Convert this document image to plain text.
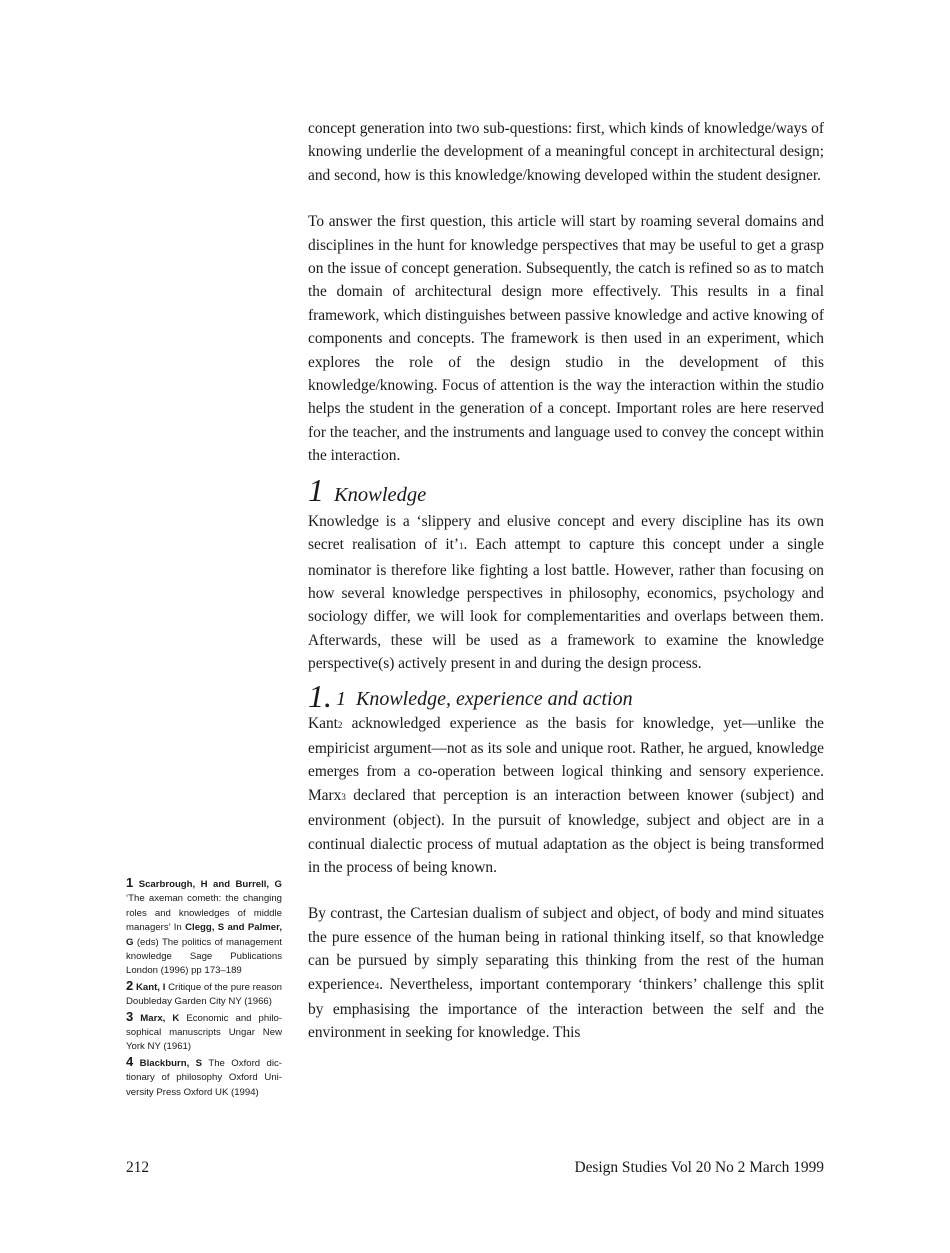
concept generation into two sub-questions: first, which kinds of knowledge/ways of knowing underlie the development of a meaningful concept in architectural design; and second, how is this knowledge/knowing developed within the student designer.

To answer the first question, this article will start by roaming several domains and disciplines in the hunt for knowledge perspectives that may be useful to get a grasp on the issue of concept generation. Subsequently, the catch is refined so as to match the domain of architectural design more effectively. This results in a final framework, which distinguishes between passive knowledge and active knowing of components and concepts. The framework is then used in an experiment, which explores the role of the design studio in the development of this knowledge/knowing. Focus of attention is the way the interaction within the studio helps the student in the generation of a concept. Important roles are here reserved for the teacher, and the instruments and language used to convey the concept within the interaction.

1 Knowledge

Knowledge is a ‘slippery and elusive concept and every discipline has its own secret realisation of it’1. Each attempt to capture this concept under a single nominator is therefore like fighting a lost battle. However, rather than focusing on how several knowledge perspectives in philosophy, economics, psychology and sociology differ, we will look for complementarities and overlaps between them. Afterwards, these will be used as a framework to examine the knowledge perspective(s) actively present in and during the design process.

1. 1 Knowledge, experience and action

Kant2 acknowledged experience as the basis for knowledge, yet—unlike the empiricist argument—not as its sole and unique root. Rather, he argued, knowledge emerges from a co-operation between logical thinking and sensory experience. Marx3 declared that perception is an interaction between knower (subject) and environment (object). In the pursuit of knowledge, subject and object are in a continual dialectic process of mutual adaptation as the object is being transformed in the process of being known.

By contrast, the Cartesian dualism of subject and object, of body and mind situates the pure essence of the human being in rational thinking itself, so that knowledge can be pursued by simply separating this thinking from the rest of the human experience4. Nevertheless, important contemporary ‘thinkers’ challenge this split by emphasising the importance of the interaction between the self and the environment in seeking for knowledge. This

1 Scarbrough, H and Burrell, G ‘The axeman cometh: the changing roles and knowledges of middle managers’ In Clegg, S and Palmer, G (eds) The politics of management knowledge Sage Publications London (1996) pp 173–189

2 Kant, I Critique of the pure reason Doubleday Garden City NY (1966)

3 Marx, K Economic and philosophical manuscripts Ungar New York NY (1961)

4 Blackburn, S The Oxford dictionary of philosophy Oxford University Press Oxford UK (1994)

212	Design Studies Vol 20 No 2 March 1999
